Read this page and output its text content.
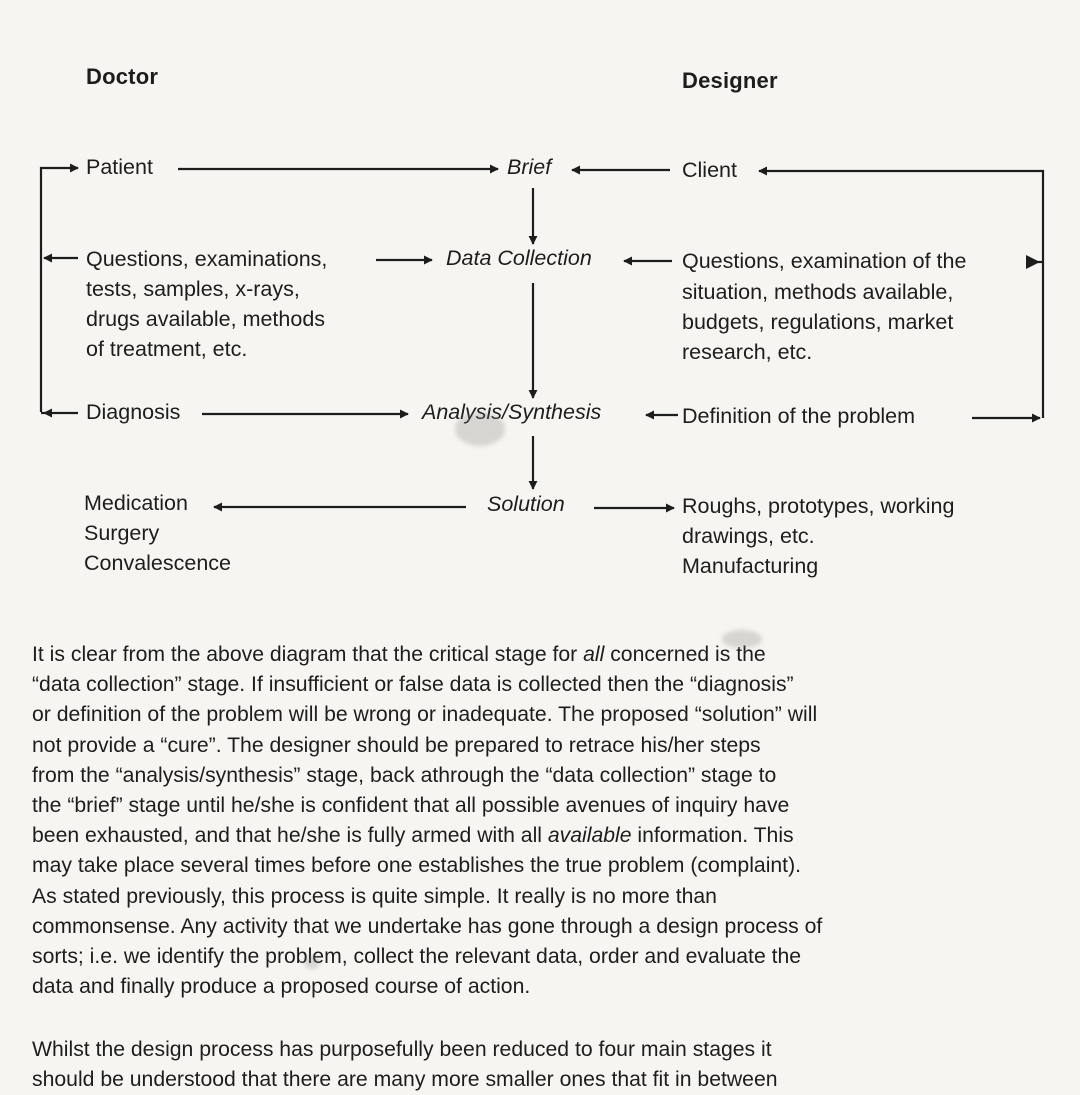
Doctor	Designer
Patient
Questions, examinations,
tests, samples, x-rays,
drugs available, methods
of treatment, etc.
Diagnosis
Medication
Surgery
Convalescence
Brief
Data Collection
Analysis/Synthesis
Solution
Client
Questions, examination of the
situation, methods available,
budgets, regulations, market
research, etc.
Definition of the problem
Roughs, prototypes, working
drawings, etc.
Manufacturing
It is clear from the above diagram that the critical stage for all concerned is the
“data collection” stage. If insufficient or false data is collected then the “diagnosis”
or definition of the problem will be wrong or inadequate. The proposed “solution” will
not provide a “cure”. The designer should be prepared to retrace his/her steps
from the “analysis/synthesis” stage, back athrough the “data collection” stage to
the “brief” stage until he/she is confident that all possible avenues of inquiry have
been exhausted, and that he/she is fully armed with all available information. This
may take place several times before one establishes the true problem (complaint).
As stated previously, this process is quite simple. It really is no more than
commonsense. Any activity that we undertake has gone through a design process of
sorts; i.e. we identify the problem, collect the relevant data, order and evaluate the
data and finally produce a proposed course of action.
Whilst the design process has purposefully been reduced to four main stages it
should be understood that there are many more smaller ones that fit in between
